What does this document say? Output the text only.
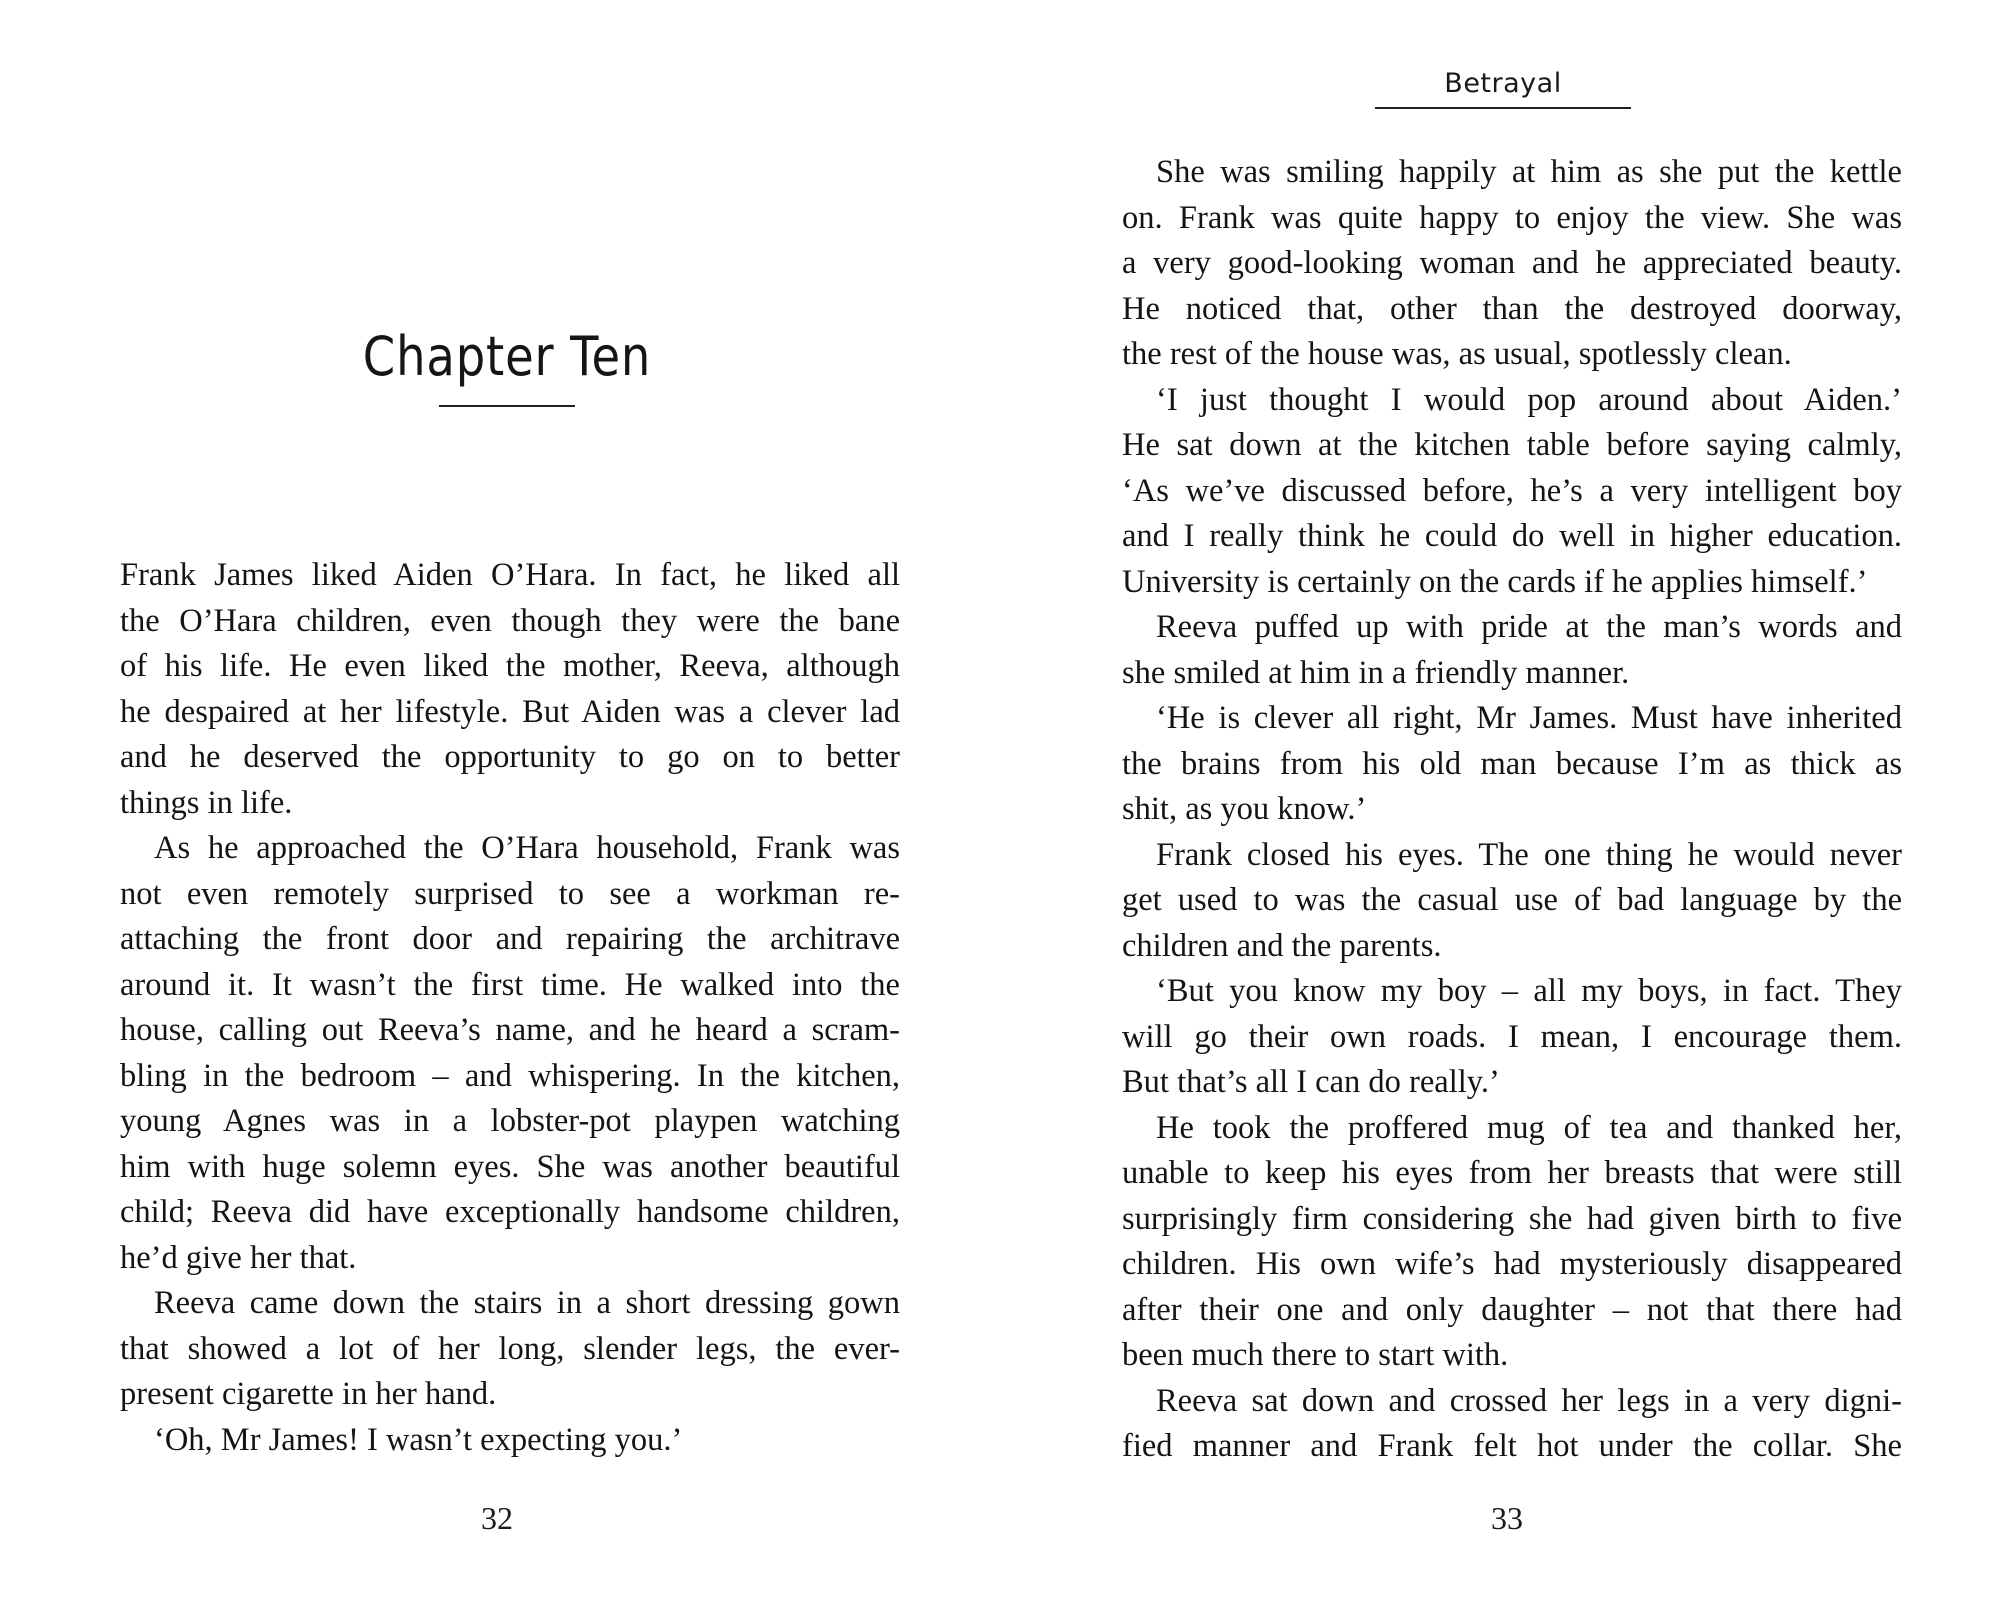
Chapter Ten
Frank James liked Aiden O’Hara. In fact, he liked all
the O’Hara children, even though they were the bane
of his life. He even liked the mother, Reeva, although
he despaired at her lifestyle. But Aiden was a clever lad
and he deserved the opportunity to go on to better
things in life.
As he approached the O’Hara household, Frank was
not even remotely surprised to see a workman re-
attaching the front door and repairing the architrave
around it. It wasn’t the first time. He walked into the
house, calling out Reeva’s name, and he heard a scram-
bling in the bedroom – and whispering. In the kitchen,
young Agnes was in a lobster-pot playpen watching
him with huge solemn eyes. She was another beautiful
child; Reeva did have exceptionally handsome children,
he’d give her that.
Reeva came down the stairs in a short dressing gown
that showed a lot of her long, slender legs, the ever-
present cigarette in her hand.
‘Oh, Mr James! I wasn’t expecting you.’
32
Betrayal
She was smiling happily at him as she put the kettle
on. Frank was quite happy to enjoy the view. She was
a very good-looking woman and he appreciated beauty.
He noticed that, other than the destroyed doorway,
the rest of the house was, as usual, spotlessly clean.
‘I just thought I would pop around about Aiden.’
He sat down at the kitchen table before saying calmly,
‘As we’ve discussed before, he’s a very intelligent boy
and I really think he could do well in higher education.
University is certainly on the cards if he applies himself.’
Reeva puffed up with pride at the man’s words and
she smiled at him in a friendly manner.
‘He is clever all right, Mr James. Must have inherited
the brains from his old man because I’m as thick as
shit, as you know.’
Frank closed his eyes. The one thing he would never
get used to was the casual use of bad language by the
children and the parents.
‘But you know my boy – all my boys, in fact. They
will go their own roads. I mean, I encourage them.
But that’s all I can do really.’
He took the proffered mug of tea and thanked her,
unable to keep his eyes from her breasts that were still
surprisingly firm considering she had given birth to five
children. His own wife’s had mysteriously disappeared
after their one and only daughter – not that there had
been much there to start with.
Reeva sat down and crossed her legs in a very digni-
fied manner and Frank felt hot under the collar. She
33
